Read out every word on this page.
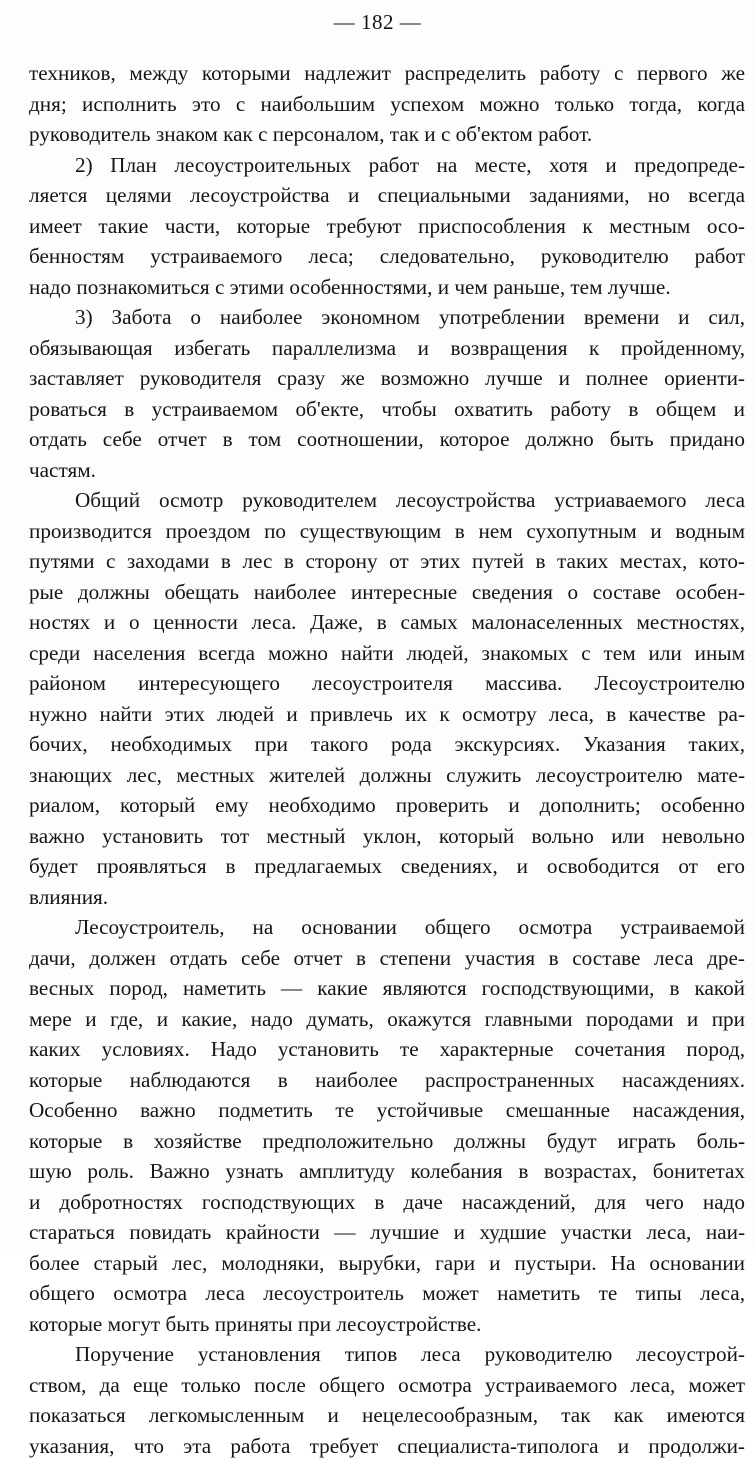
— 182 —
техников, между которыми надлежит распределить работу с первого же
дня; исполнить это с наибольшим успехом можно только тогда, когда
руководитель знаком как с персоналом, так и с об'ектом работ.
2) План лесоустроительных работ на месте, хотя и предопреде-
ляется целями лесоустройства и специальными заданиями, но всегда
имеет такие части, которые требуют приспособления к местным осо-
бенностям устраиваемого леса; следовательно, руководителю работ
надо познакомиться с этими особенностями, и чем раньше, тем лучше.
3) Забота о наиболее экономном употреблении времени и сил,
обязывающая избегать параллелизма и возвращения к пройденному,
заставляет руководителя сразу же возможно лучше и полнее ориенти-
роваться в устраиваемом об'екте, чтобы охватить работу в общем и
отдать себе отчет в том соотношении, которое должно быть придано
частям.
Общий осмотр руководителем лесоустройства устриаваемого леса
производится проездом по существующим в нем сухопутным и водным
путями с заходами в лес в сторону от этих путей в таких местах, кото-
рые должны обещать наиболее интересные сведения о составе особен-
ностях и о ценности леса. Даже, в самых малонаселенных местностях,
среди населения всегда можно найти людей, знакомых с тем или иным
районом интересующего лесоустроителя массива. Лесоустроителю
нужно найти этих людей и привлечь их к осмотру леса, в качестве ра-
бочих, необходимых при такого рода экскурсиях. Указания таких,
знающих лес, местных жителей должны служить лесоустроителю мате-
риалом, который ему необходимо проверить и дополнить; особенно
важно установить тот местный уклон, который вольно или невольно
будет проявляться в предлагаемых сведениях, и освободится от его
влияния.
Лесоустроитель, на основании общего осмотра устраиваемой
дачи, должен отдать себе отчет в степени участия в составе леса дре-
весных пород, наметить — какие являются господствующими, в какой
мере и где, и какие, надо думать, окажутся главными породами и при
каких условиях. Надо установить те характерные сочетания пород,
которые наблюдаются в наиболее распространенных насаждениях.
Особенно важно подметить те устойчивые смешанные насаждения,
которые в хозяйстве предположительно должны будут играть боль-
шую роль. Важно узнать амплитуду колебания в возрастах, бонитетах
и добротностях господствующих в даче насаждений, для чего надо
стараться повидать крайности — лучшие и худшие участки леса, наи-
более старый лес, молодняки, вырубки, гари и пустыри. На основании
общего осмотра леса лесоустроитель может наметить те типы леса,
которые могут быть приняты при лесоустройстве.
Поручение установления типов леса руководителю лесоустрой-
ством, да еще только после общего осмотра устраиваемого леса, может
показаться легкомысленным и нецелесообразным, так как имеются
указания, что эта работа требует специалиста-типолога и продолжи-
